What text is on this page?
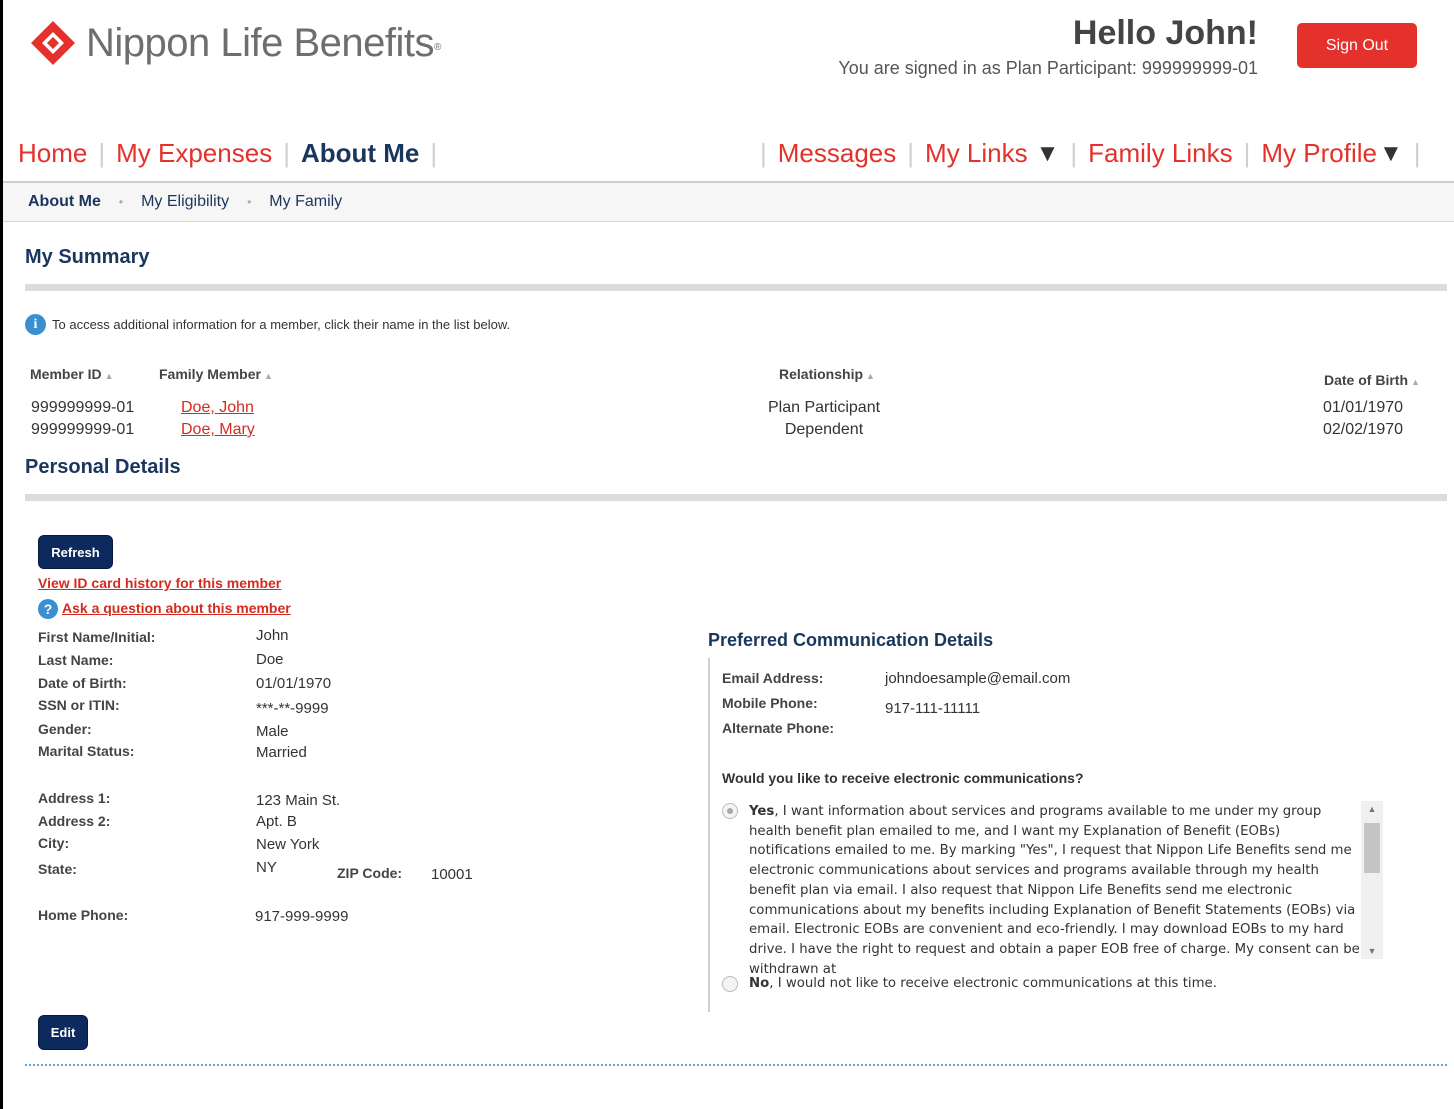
Nippon Life Benefits ®	Hello John!
You are signed in as Plan Participant: 999999999-01
Sign Out
Home | My Expenses | About Me |	| Messages | My Links ▼ | Family Links | My Profile ▼ |
About Me • My Eligibility • My Family
My Summary
i	To access additional information for a member, click their name in the list below.
Member ID ▲	Family Member ▲	Relationship ▲	Date of Birth ▲
999999999-01	Doe, John	Plan Participant	01/01/1970
999999999-01	Doe, Mary	Dependent	02/02/1970
Personal Details
Refresh
View ID card history for this member
? Ask a question about this member
First Name/Initial:	John
Last Name:	Doe
Date of Birth:	01/01/1970
SSN or ITIN:	***-**-9999
Gender:	Male
Marital Status:	Married
Address 1:	123 Main St.
Address 2:	Apt. B
City:	New York
State:	NY	ZIP Code: 10001
Home Phone:	917-999-9999
Edit
Preferred Communication Details
Email Address:	johndoesample@email.com
Mobile Phone:	917-111-11111
Alternate Phone:
Would you like to receive electronic communications?
Yes, I want information about services and programs available to me under my group health benefit plan emailed to me, and I want my Explanation of Benefit (EOBs) notifications emailed to me. By marking "Yes", I request that Nippon Life Benefits send me electronic communications about services and programs available through my health benefit plan via email. I also request that Nippon Life Benefits send me electronic communications about my benefits including Explanation of Benefit Statements (EOBs) via email. Electronic EOBs are convenient and eco-friendly. I may download EOBs to my hard drive. I have the right to request and obtain a paper EOB free of charge. My consent can be withdrawn at
▲
▼
No, I would not like to receive electronic communications at this time.
